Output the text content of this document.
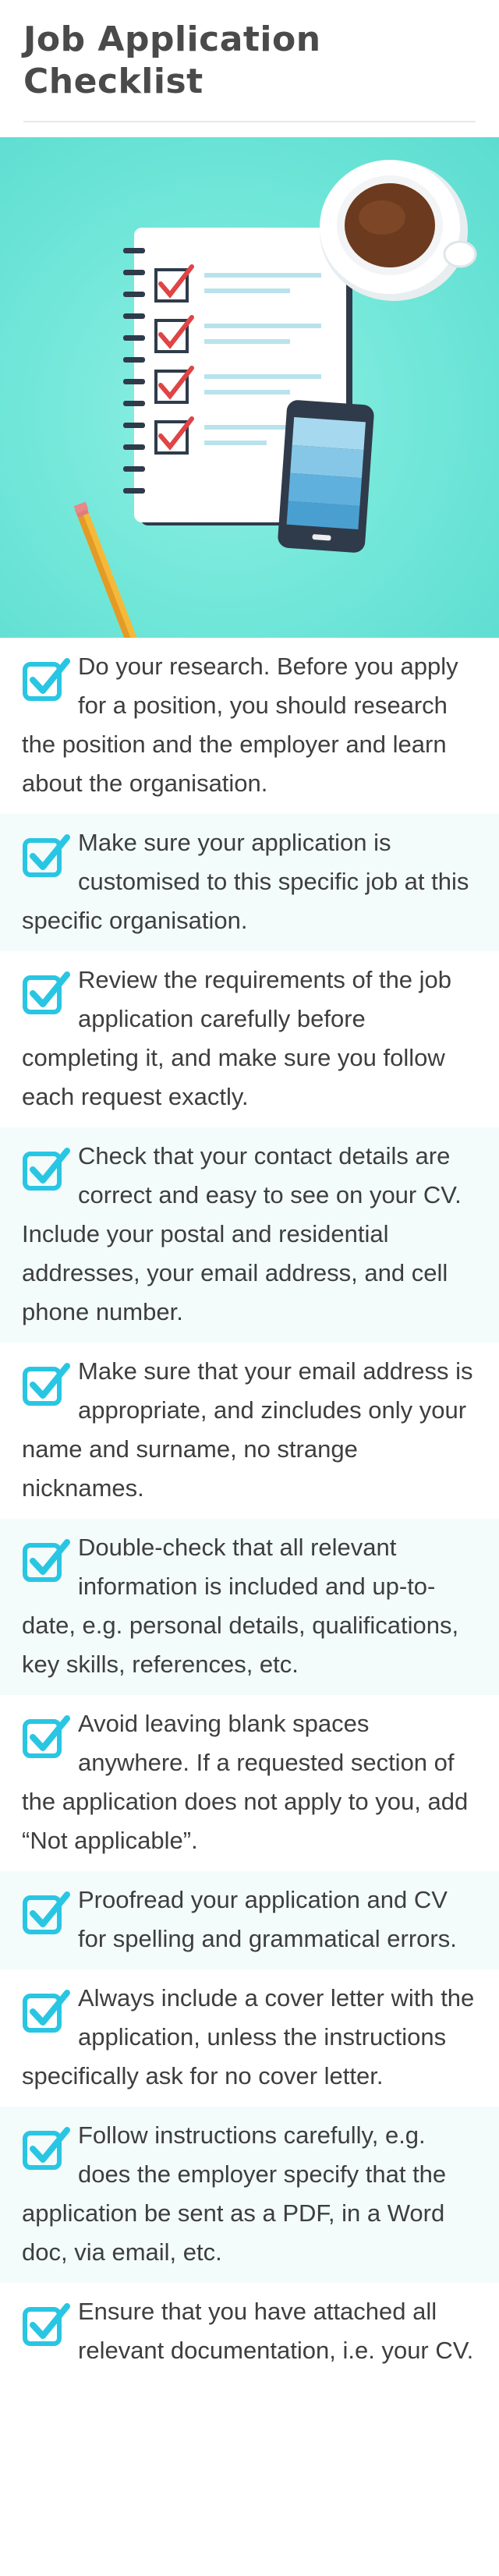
Job Application
Checklist
Do your research. Before you apply for a position, you should research the position and the employer and learn about the organisation.
Make sure your application is customised to this specific job at this specific organisation.
Review the requirements of the job application carefully before completing it, and make sure you follow each request exactly.
Check that your contact details are correct and easy to see on your CV. Include your postal and residential addresses, your email address, and cell phone number.
Make sure that your email address is appropriate, and zincludes only your name and surname, no strange nicknames.
Double-check that all relevant information is included and up-to-date, e.g. personal details, qualifications, key skills, references, etc.
Avoid leaving blank spaces anywhere. If a requested section of the application does not apply to you, add “Not applicable”.
Proofread your application and CV for spelling and grammatical errors.
Always include a cover letter with the application, unless the instructions specifically ask for no cover letter.
Follow instructions carefully, e.g. does the employer specify that the application be sent as a PDF, in a Word doc, via email, etc.
Ensure that you have attached all relevant documentation, i.e. your CV.
